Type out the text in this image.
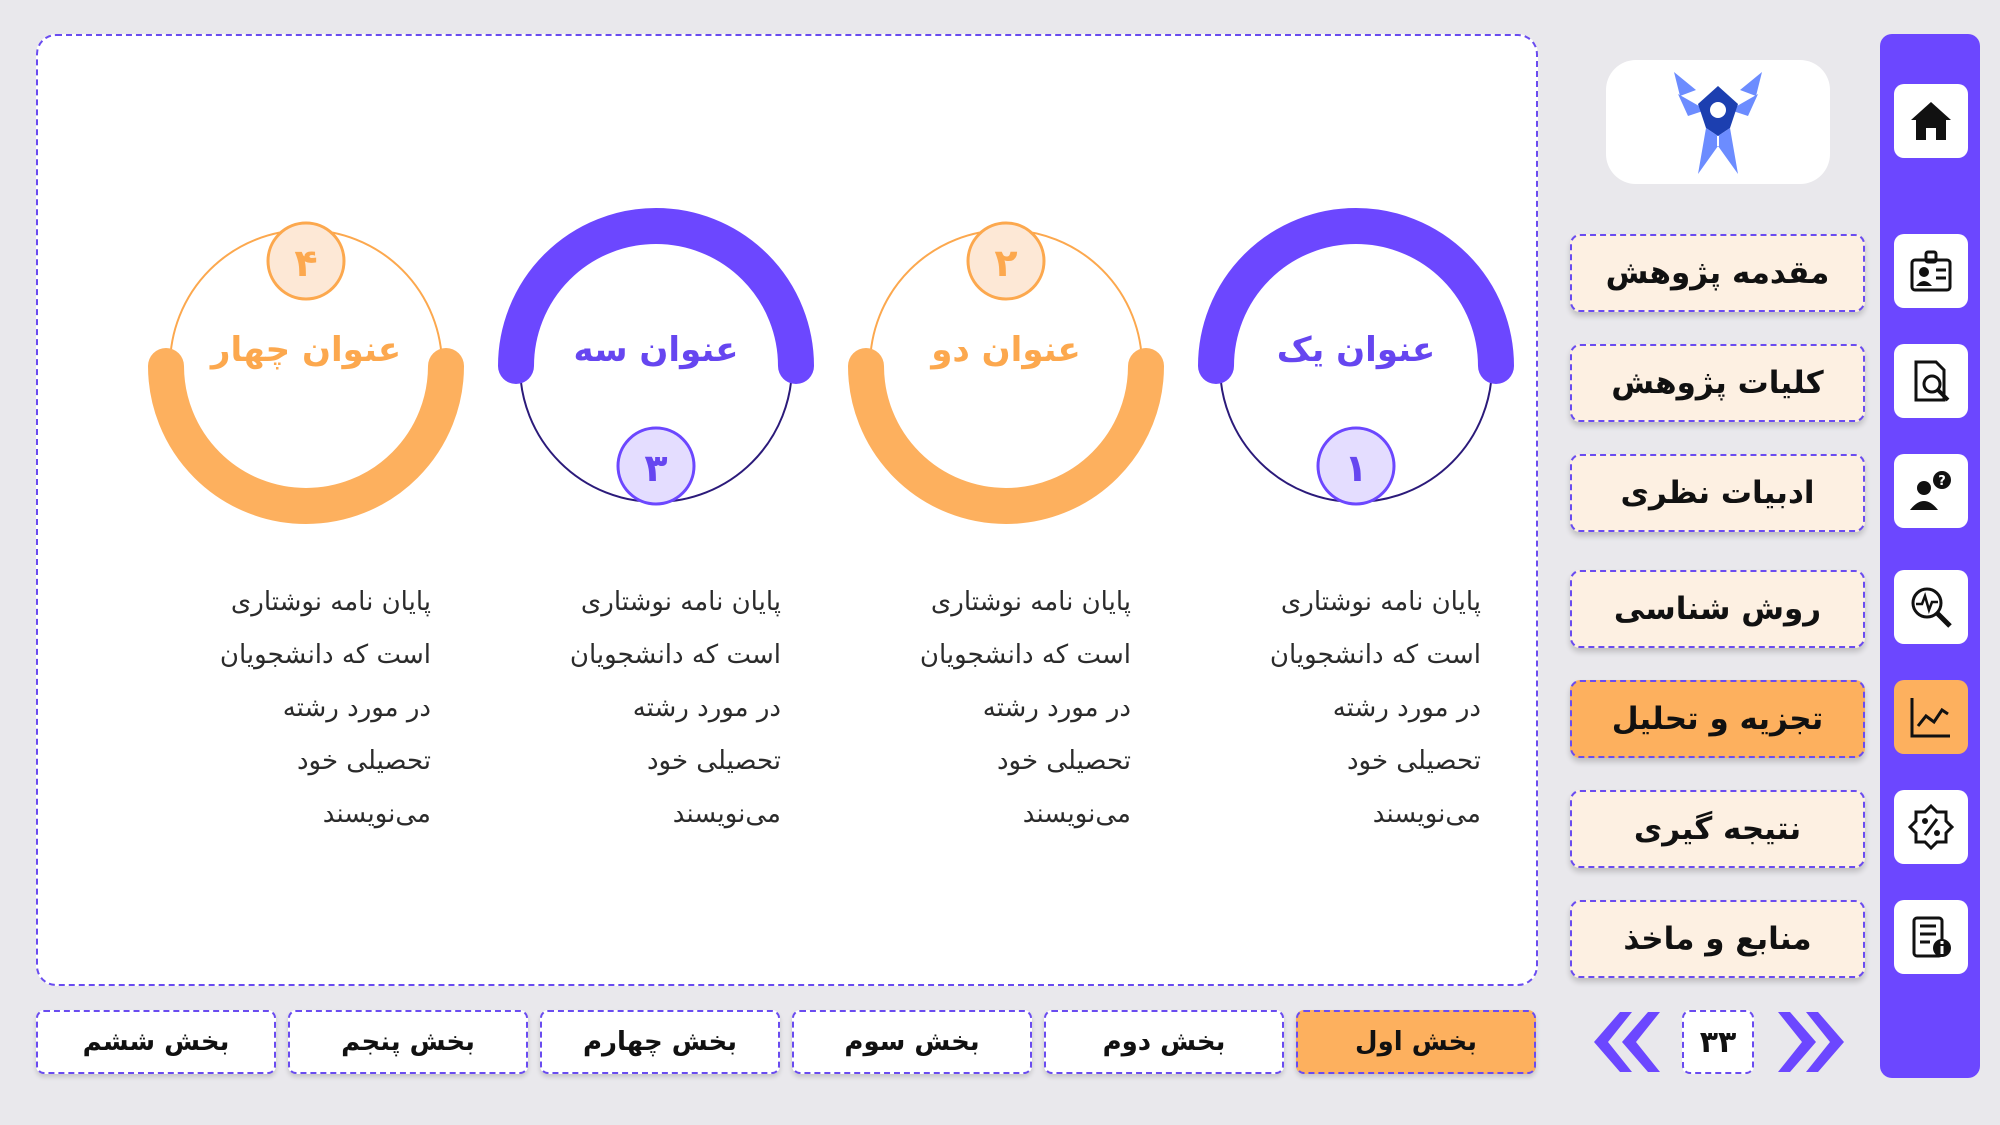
۴
عنوان چهار
پایان نامه نوشتاری
است که دانشجویان
در مورد رشته
تحصیلی خود
می‌نویسند
۳
عنوان سه
پایان نامه نوشتاری
است که دانشجویان
در مورد رشته
تحصیلی خود
می‌نویسند
۲
عنوان دو
پایان نامه نوشتاری
است که دانشجویان
در مورد رشته
تحصیلی خود
می‌نویسند
۱
عنوان یک
پایان نامه نوشتاری
است که دانشجویان
در مورد رشته
تحصیلی خود
می‌نویسند
مقدمه پژوهش
کلیات پژوهش
ادبیات نظری
روش شناسی
تجزیه و تحلیل
نتیجه گیری
منابع و ماخذ
?
بخش اول
بخش دوم
بخش سوم
بخش چهارم
بخش پنجم
بخش ششم	۳۳
